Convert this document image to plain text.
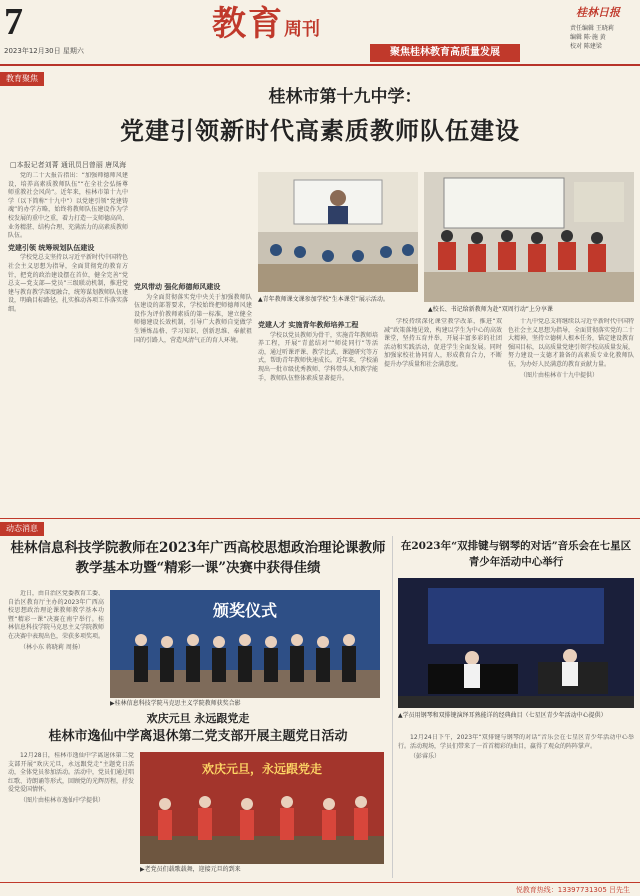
7
2023年12月30日 星期六
教育周刊
聚焦桂林教育高质量发展
桂林日报
责任编辑 王晓莉
编辑 陈·施 黄
校对 陈建梁
教育聚焦
桂林市第十九中学：
党建引领新时代高素质教师队伍建设
□本报记者刘菁 通讯员吕曾丽 唐凤海

党的二十大报告指出：“加强师德师风建设，培养高素质教师队伍”“在全社会弘扬尊师重教社会风尚”。近年来，桂林市第十九中学（以下简称“十九中”）以党建引领“党建铸魂”的办学方略，始终将教师队伍建设作为学校发展的重中之重，着力打造一支师德高尚、业务精湛、结构合理、充满活力的高素质教师队伍。

党建引领 统筹规划队伍建设

学校党总支坚持以习近平新时代中国特色社会主义思想为指导，全面贯彻党的教育方针，把党的政治建设摆在首位，健全完善“党总支—党支部—党员”三级联动机制，推进党建与教育教学深度融合，统筹谋划教师队伍建设，明确目标路径，扎实推动各项工作落实落细。

党风带动 强化师德师风建设

为全面贯彻落实党中央关于加强教师队伍建设的部署要求，学校始终把师德师风建设作为评价教师素质的第一标准，建立健全师德建设长效机制，引导广大教师自觉做学生锤炼品格、学习知识、创新思维、奉献祖国的引路人，营造风清气正的育人环境。

▲青年教师课文课参加学校“生本课堂”展示活动。
▲校长、书记给新教师为赴“双周行动”上分享课

党建人才 实施青年教师培养工程

学校以党员教师为骨干，实施青年教师培养工程，开展“青蓝结对”“师徒同行”等活动，通过听课评课、教学比武、课题研究等方式，帮助青年教师快速成长。近年来，学校涌现出一批市级优秀教师、学科带头人和教学能手，教师队伍整体素质显著提升。

学校持续深化课堂教学改革，推进“双减”政策落地见效，构建以学生为中心的高效课堂，坚持五育并举，开展丰富多彩的社团活动和实践活动，促进学生全面发展。同时加强家校社协同育人，形成教育合力，不断提升办学质量和社会满意度。

十九中党总支将继续以习近平新时代中国特色社会主义思想为指导，全面贯彻落实党的二十大精神，坚持立德树人根本任务，锚定建设教育强国目标，以高质量党建引领学校高质量发展，努力建设一支德才兼备的高素质专业化教师队伍，为办好人民满意的教育贡献力量。

（图片由桂林市十九中提供）

动态消息
桂林信息科技学院教师在2023年广西高校思想政治理论课教师教学基本功暨“精彩一课”决赛中获得佳绩

近日，由自治区党委教育工委、自治区教育厅主办的2023年广西高校思想政治理论课教师教学基本功暨“精彩一课”决赛在南宁举行。桂林信息科技学院马克思主义学院教师在决赛中表现出色，荣获多项奖项。

（林小东 蒋晓莉 周扬）

颁奖仪式
▶桂林信息科技学院马克思主义学院教师获奖合影
在2023年“双排键与钢琴的对话”音乐会在七星区青少年活动中心举行
▲学员用钢琴和双排键演绎耳熟能详的经典曲目（七星区青少年活动中心提供）

12月24日下午，2023年“双排键与钢琴的对话”音乐会在七星区青少年活动中心举行。活动现场，学员们带来了一首首精彩的曲目，赢得了观众的阵阵掌声。

（彭睿乐）

欢庆元旦 永远跟党走
桂林市逸仙中学离退休第二党支部开展主题党日活动

12月28日，桂林市逸仙中学离退休第二党支部开展“欢庆元旦，永远跟党走”主题党日活动，全体党员参加活动。活动中，党员们通过唱红歌、诗朗诵等形式，回顾党的光辉历程，抒发爱党爱国情怀。

（图片由桂林市逸仙中学提供）

欢庆元旦，永远跟党走
▶老党员们载歌载舞，迎接元旦的到来
悦教育热线：13397731305 吕先生
